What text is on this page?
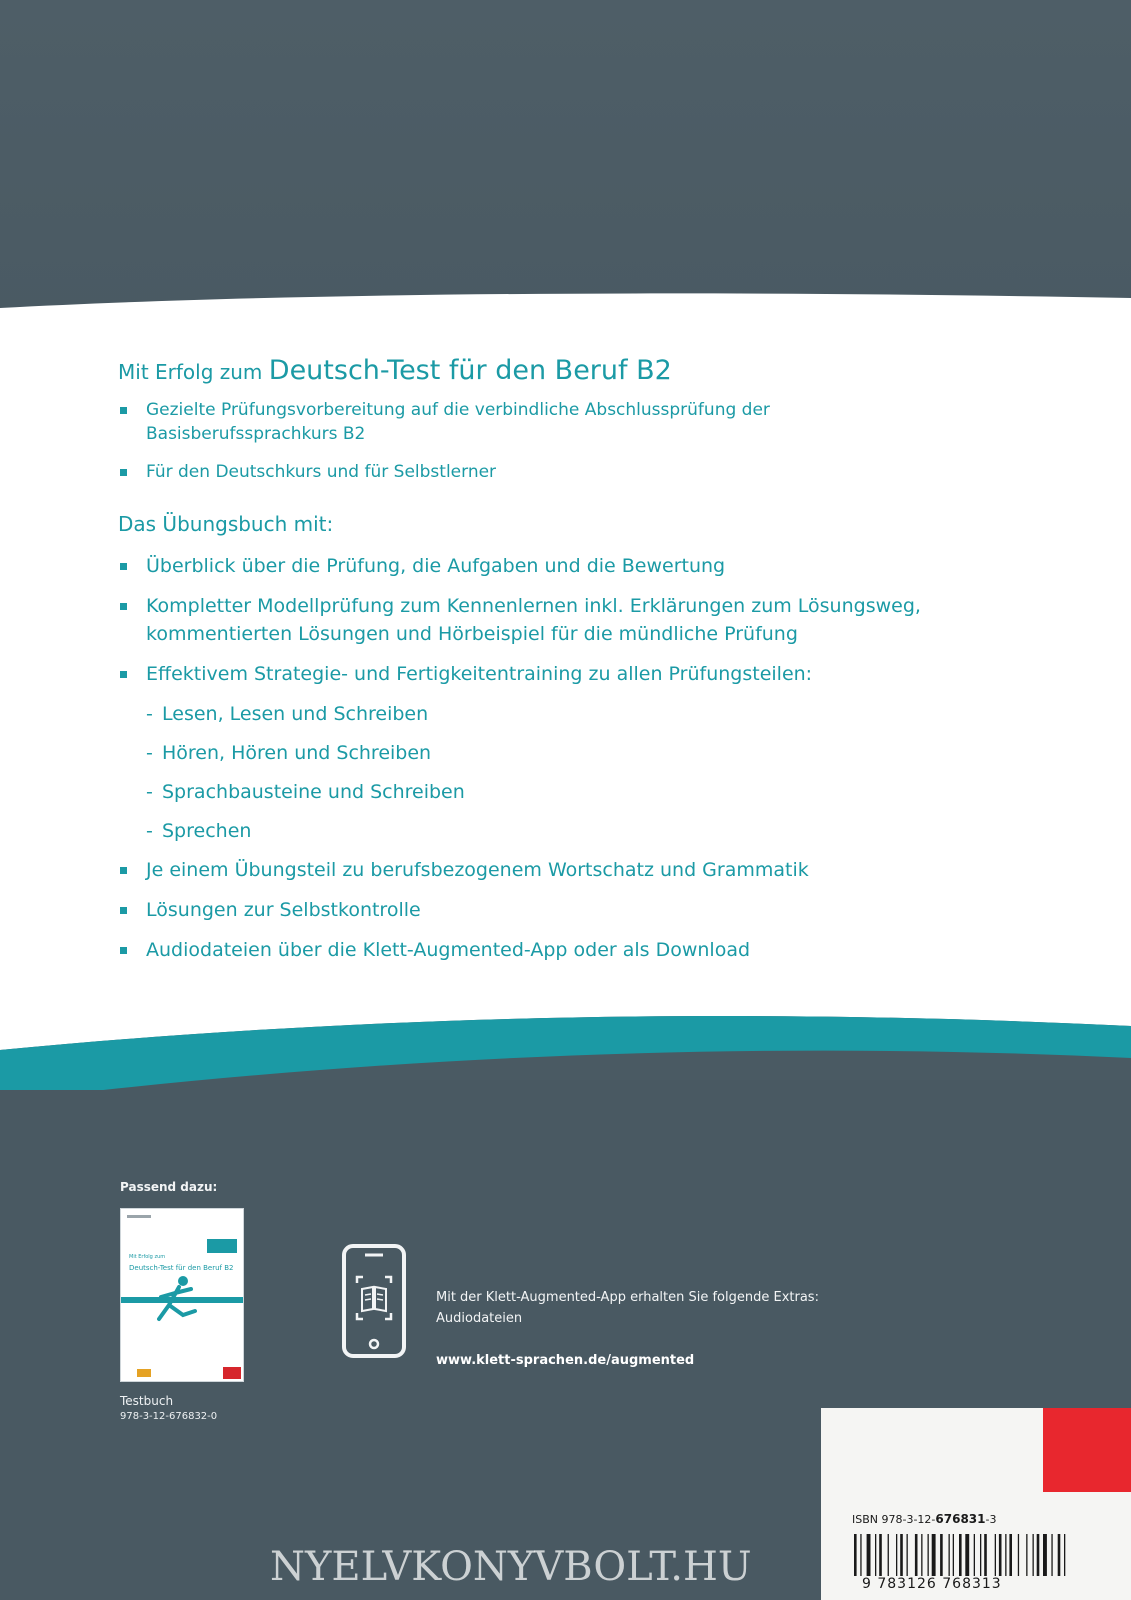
Mit Erfolg zum Deutsch-Test für den Beruf B2
Gezielte Prüfungsvorbereitung auf die verbindliche Abschlussprüfung der Basisberufssprachkurs B2
Für den Deutschkurs und für Selbstlerner
Das Übungsbuch mit:
Überblick über die Prüfung, die Aufgaben und die Bewertung
Kompletter Modellprüfung zum Kennenlernen inkl. Erklärungen zum Lösungsweg, kommentierten Lösungen und Hörbeispiel für die mündliche Prüfung
Effektivem Strategie- und Fertigkeitentraining zu allen Prüfungsteilen:
- Lesen, Lesen und Schreiben
- Hören, Hören und Schreiben
- Sprachbausteine und Schreiben
- Sprechen
Je einem Übungsteil zu berufsbezogenem Wortschatz und Grammatik
Lösungen zur Selbstkontrolle
Audiodateien über die Klett-Augmented-App oder als Download
Passend dazu:
Mit Erfolg zum
Deutsch-Test für den Beruf B2
Testbuch
978-3-12-676832-0
Mit der Klett-Augmented-App erhalten Sie folgende Extras:
Audiodateien
www.klett-sprachen.de/augmented
ISBN 978-3-12-676831-3
9 783126 768313
NYELVKONYVBOLT.HU
